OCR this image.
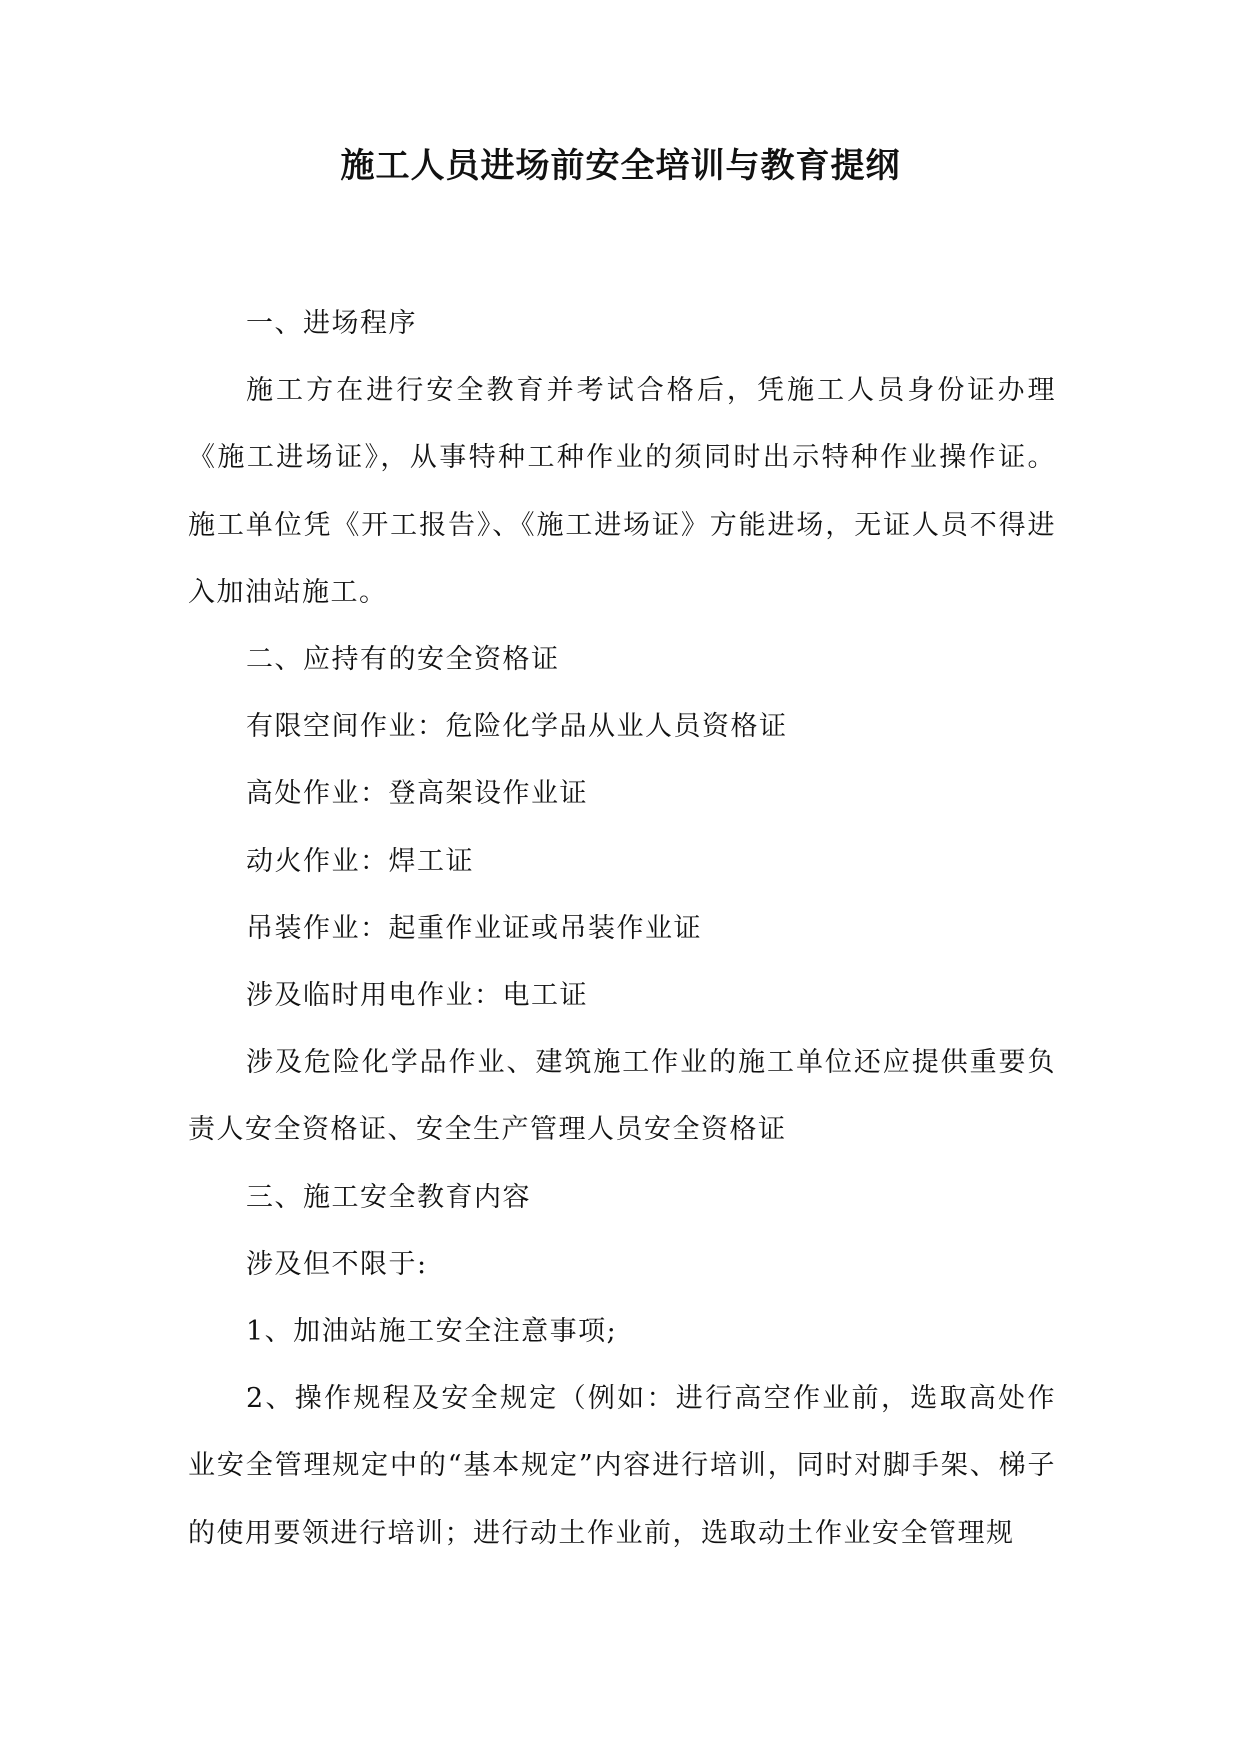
施工人员进场前安全培训与教育提纲

一、进场程序

施工方在进行安全教育并考试合格后，凭施工人员身份证办理《施工进场证》，从事特种工种作业的须同时出示特种作业操作证。施工单位凭《开工报告》、《施工进场证》方能进场，无证人员不得进入加油站施工。

二、应持有的安全资格证

有限空间作业：危险化学品从业人员资格证

高处作业：登高架设作业证

动火作业：焊工证

吊装作业：起重作业证或吊装作业证

涉及临时用电作业：电工证

涉及危险化学品作业、建筑施工作业的施工单位还应提供重要负责人安全资格证、安全生产管理人员安全资格证

三、施工安全教育内容

涉及但不限于:

1、加油站施工安全注意事项;

2、操作规程及安全规定（例如：进行高空作业前，选取高处作业安全管理规定中的“基本规定”内容进行培训，同时对脚手架、梯子的使用要领进行培训；进行动土作业前，选取动土作业安全管理规
